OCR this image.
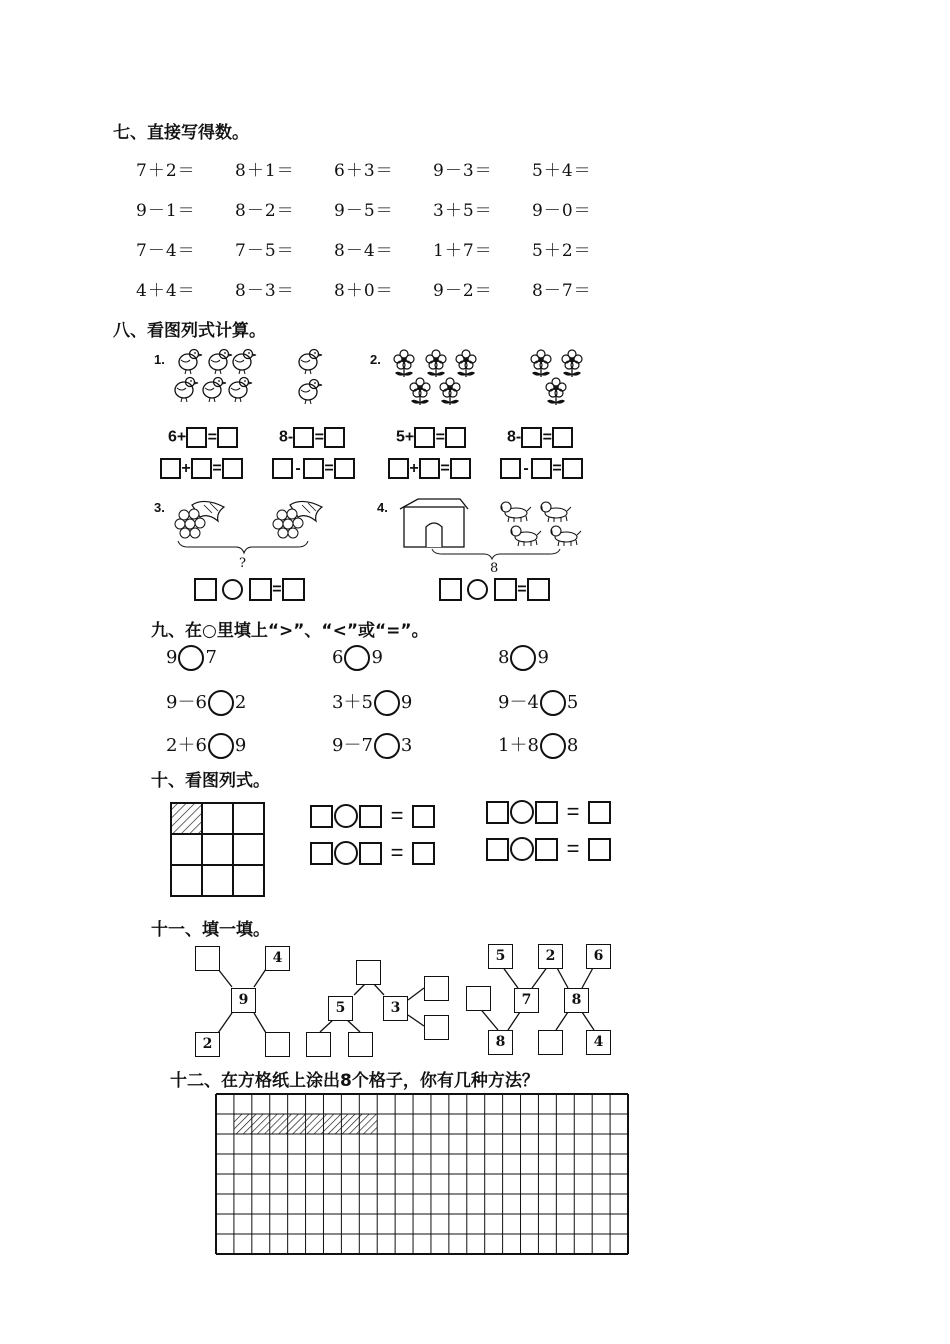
七、直接写得数。
7＋2＝ 8＋1＝ 6＋3＝ 9－3＝ 5＋4＝
9－1＝ 8－2＝ 9－5＝ 3＋5＝ 9－0＝
7－4＝ 7－5＝ 8－4＝ 1＋7＝ 5＋2＝
4＋4＝ 8－3＝ 8＋0＝ 9－2＝ 8－7＝
八、看图列式计算。
1.	2.
3.	4.
6+ =	8- =	5+ =	8- =
+ =	- =	+ =	- =
?	8
=	=
九、在○里填上“>”、“<”或“=”。
9 7	6 9	8 9
9－6 2	3＋5 9	9－4 5
2＋6 9	9－7 3	1＋8 8
十、看图列式。
=
=
=
=
十一、填一填。
4
9
2
5	3
5	2	6
7	8
8	4
十二、在方格纸上涂出8个格子，你有几种方法？
